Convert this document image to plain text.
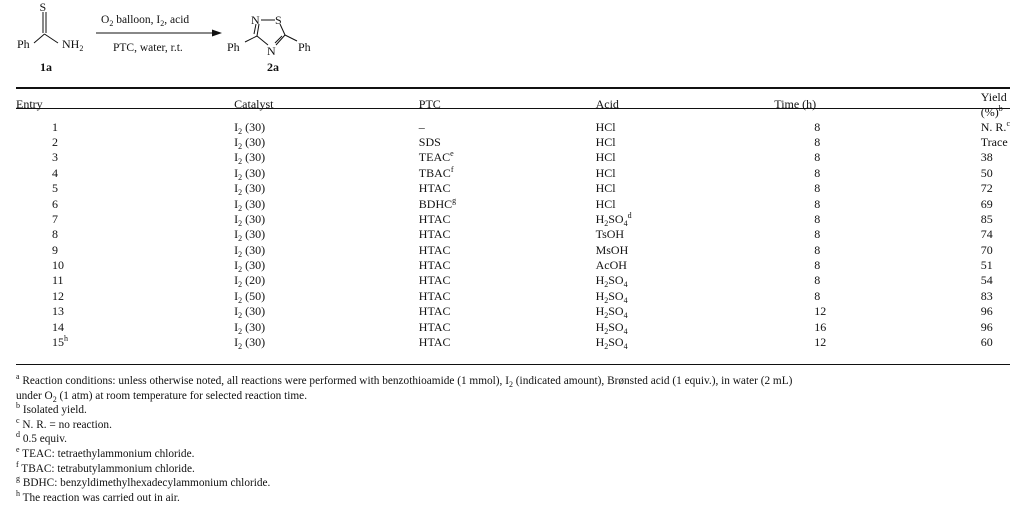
S
Ph	$NH_2$
1a
$O_2$ balloon, $I_2$, acid
PTC, water, r.t.
N S
N
Ph	Ph
2a
Entry	Catalyst	PTC	Acid	Time (h)	Yield (%)$^b$
1	$I_2$ (30)	–	HCl	8	N. R.$^c$
2	$I_2$ (30)	SDS	HCl	8	Trace
3	$I_2$ (30)	TEAC$^e$	HCl	8	38
4	$I_2$ (30)	TBAC$^f$	HCl	8	50
5	$I_2$ (30)	HTAC	HCl	8	72
6	$I_2$ (30)	BDHC$^g$	HCl	8	69
7	$I_2$ (30)	HTAC	$H_2SO_4^d$	8	85
8	$I_2$ (30)	HTAC	TsOH	8	74
9	$I_2$ (30)	HTAC	MsOH	8	70
10	$I_2$ (30)	HTAC	AcOH	8	51
11	$I_2$ (20)	HTAC	$H_2SO_4$	8	54
12	$I_2$ (50)	HTAC	$H_2SO_4$	8	83
13	$I_2$ (30)	HTAC	$H_2SO_4$	12	96
14	$I_2$ (30)	HTAC	$H_2SO_4$	16	96
15$^h$	$I_2$ (30)	HTAC	$H_2SO_4$	12	60

$^a$ Reaction conditions: unless otherwise noted, all reactions were performed with benzothioamide (1 mmol), $I_2$ (indicated amount), Brønsted acid (1 equiv.), in water (2 mL)
under $O_2$ (1 atm) at room temperature for selected reaction time.

$^b$ Isolated yield.

$^c$ N. R. = no reaction.

$^d$ 0.5 equiv.

$^e$ TEAC: tetraethylammonium chloride.

$^f$ TBAC: tetrabutylammonium chloride.

$^g$ BDHC: benzyldimethylhexadecylammonium chloride.

$^h$ The reaction was carried out in air.
